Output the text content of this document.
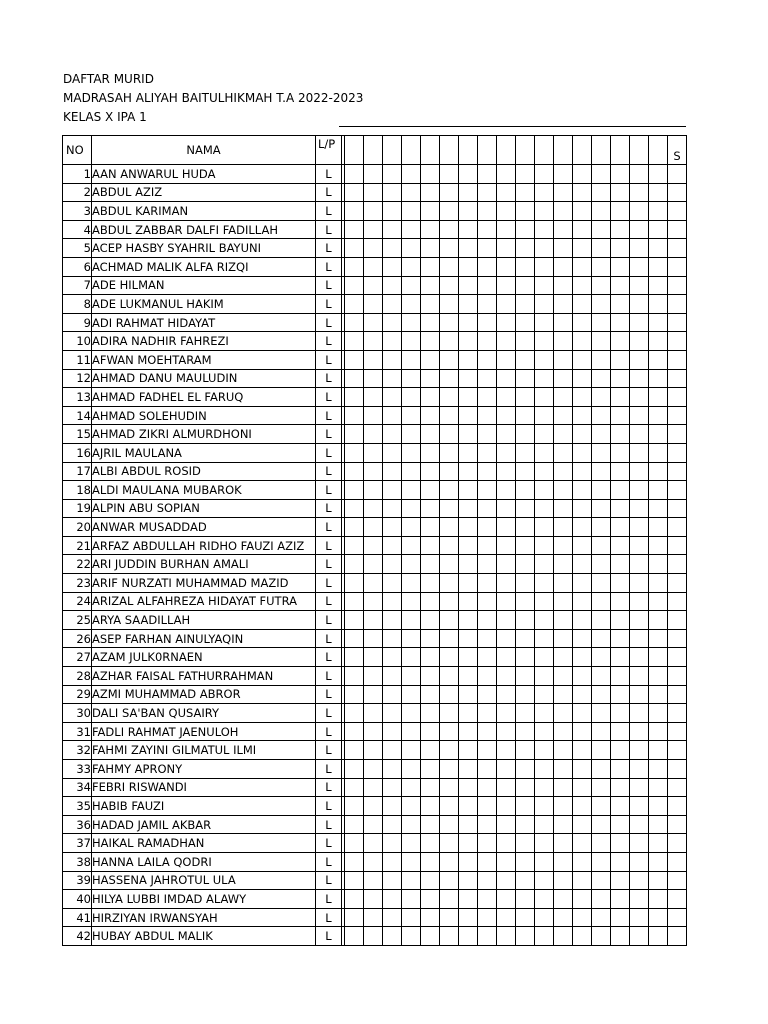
DAFTAR MURID
MADRASAH ALIYAH BAITULHIKMAH T.A 2022-2023
KELAS X IPA 1
NO	NAMA	L/P																			S
1	AAN ANWARUL HUDA	L																			
2	ABDUL AZIZ	L																			
3	ABDUL KARIMAN	L																			
4	ABDUL ZABBAR DALFI FADILLAH	L																			
5	ACEP HASBY SYAHRIL BAYUNI	L																			
6	ACHMAD MALIK ALFA RIZQI	L																			
7	ADE HILMAN	L																			
8	ADE LUKMANUL HAKIM	L																			
9	ADI RAHMAT HIDAYAT	L																			
10	ADIRA NADHIR FAHREZI	L																			
11	AFWAN MOEHTARAM	L																			
12	AHMAD DANU MAULUDIN	L																			
13	AHMAD FADHEL EL FARUQ	L																			
14	AHMAD SOLEHUDIN	L																			
15	AHMAD ZIKRI ALMURDHONI	L																			
16	AJRIL MAULANA	L																			
17	ALBI ABDUL ROSID	L																			
18	ALDI MAULANA MUBAROK	L																			
19	ALPIN ABU SOPIAN	L																			
20	ANWAR MUSADDAD	L																			
21	ARFAZ ABDULLAH RIDHO FAUZI AZIZ	L																			
22	ARI JUDDIN BURHAN AMALI	L																			
23	ARIF NURZATI MUHAMMAD MAZID	L																			
24	ARIZAL ALFAHREZA HIDAYAT FUTRA	L																			
25	ARYA SAADILLAH	L																			
26	ASEP FARHAN AINULYAQIN	L																			
27	AZAM JULK0RNAEN	L																			
28	AZHAR FAISAL FATHURRAHMAN	L																			
29	AZMI MUHAMMAD ABROR	L																			
30	DALI SA'BAN QUSAIRY	L																			
31	FADLI RAHMAT JAENULOH	L																			
32	FAHMI ZAYINI GILMATUL ILMI	L																			
33	FAHMY APRONY	L																			
34	FEBRI RISWANDI	L																			
35	HABIB FAUZI	L																			
36	HADAD JAMIL AKBAR	L																			
37	HAIKAL RAMADHAN	L																			
38	HANNA LAILA QODRI	L																			
39	HASSENA JAHROTUL ULA	L																			
40	HILYA LUBBI IMDAD ALAWY	L																			
41	HIRZIYAN IRWANSYAH	L																			
42	HUBAY ABDUL MALIK	L																			
